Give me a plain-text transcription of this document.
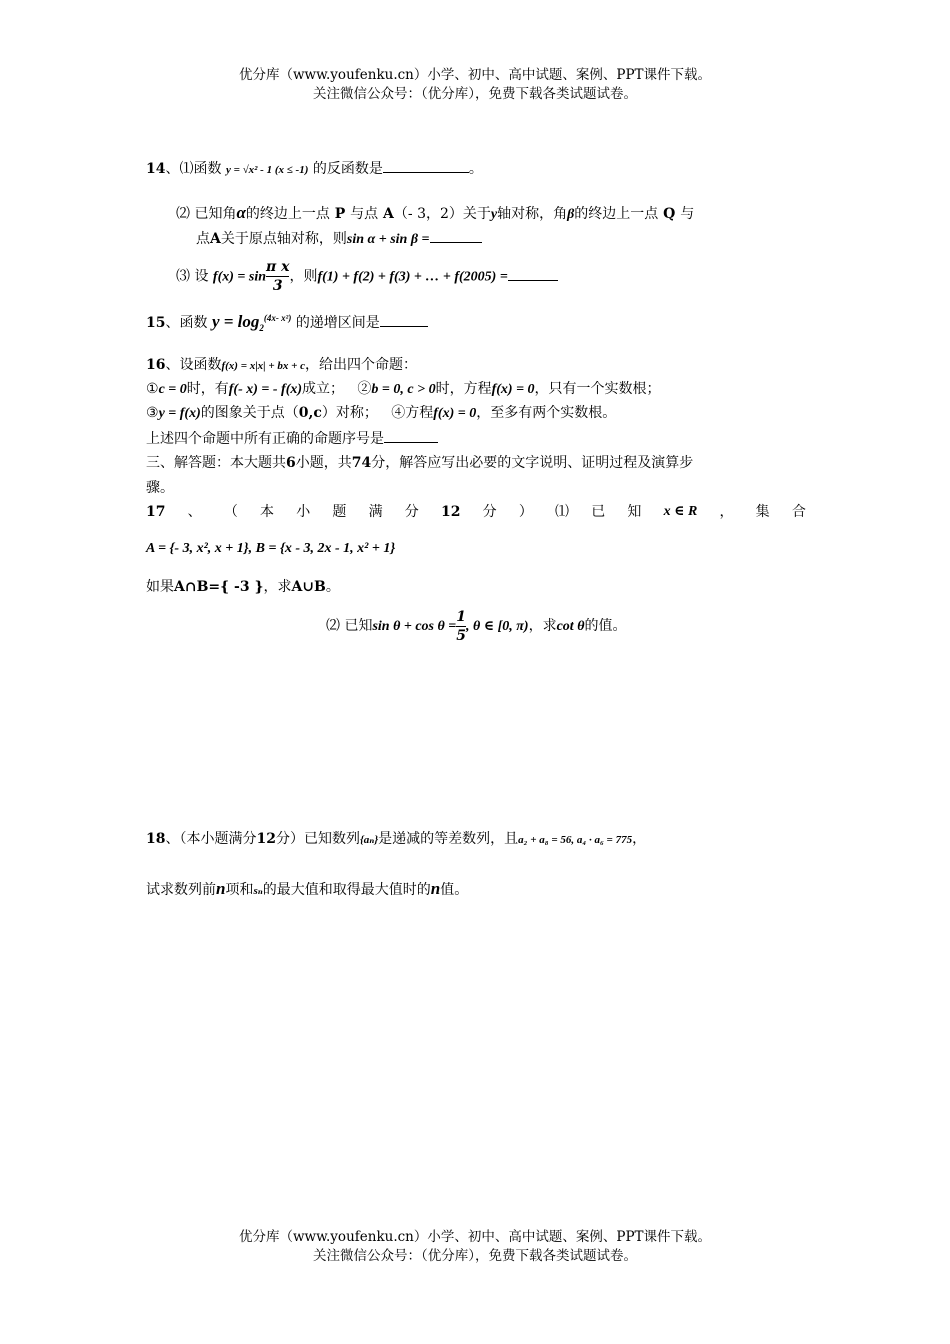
优分库（www.youfenku.cn）小学、初中、高中试题、案例、PPT课件下载。
关注微信公众号：（优分库），免费下载各类试题试卷。
14、⑴函数 y = √x² - 1 (x ≤ -1) 的反函数是	。
⑵ 已知角α的终边上一点 P 与点 A（- 3，2）关于y轴对称，角β的终边上一点 Q 与
点A关于原点轴对称，则sin α + sin β =
⑶ 设 $f(x) = \sin \frac{\text{π x}}{3}$ ，则f(1) + f(2) + f(3) + … + f(2005) =
15、函数 $y = \log_2^{(4x- x^2)}$ 的递增区间是
16、设函数f(x) = x|x| + bx + c，给出四个命题：
①c = 0时，有f(- x) = - f(x)成立； ②b = 0, c > 0时，方程f(x) = 0，只有一个实数根；
③y = f(x)的图象关于点（0,c）对称； ④方程f(x) = 0，至多有两个实数根。
上述四个命题中所有正确的命题序号是
三、解答题：本大题共6小题，共74分，解答应写出必要的文字说明、证明过程及演算步
骤。
17 、 （ 本 小 题 满 分 12 分 ） ⑴ 已 知 x ∈ R ， 集 合
A = {- 3, x², x + 1}, B = {x - 3, 2x - 1, x² + 1}
如果A∩B={ -3 }，求A∪B。
⑵ 已知$\sin \theta + \cos \theta = \frac{1}{5}$ , θ ∈ [0, π)，求cot θ的值。
18、（本小题满分12分）已知数列{aₙ}是递减的等差数列，且a₂ + a₈ = 56, a₄ · a₆ = 775，
试求数列前n项和sₙ的最大值和取得最大值时的n值。
优分库（www.youfenku.cn）小学、初中、高中试题、案例、PPT课件下载。
关注微信公众号：（优分库），免费下载各类试题试卷。
